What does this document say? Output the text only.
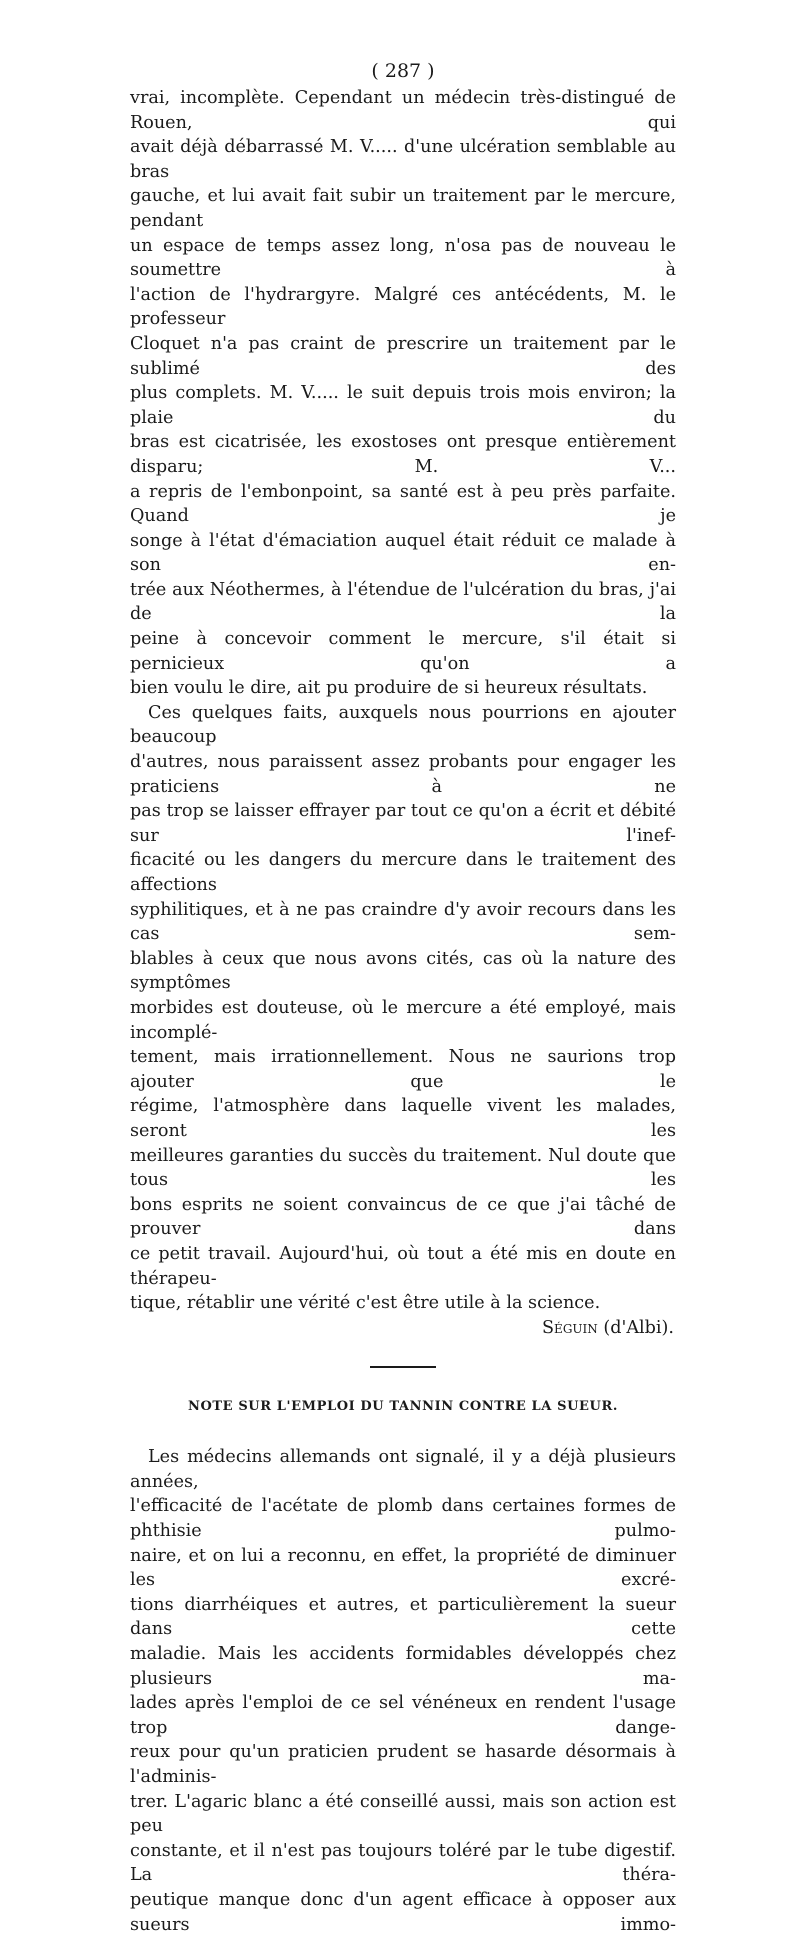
( 287 )
vrai, incomplète. Cependant un médecin très-distingué de Rouen, qui
avait déjà débarrassé M. V..... d'une ulcération semblable au bras
gauche, et lui avait fait subir un traitement par le mercure, pendant
un espace de temps assez long, n'osa pas de nouveau le soumettre à
l'action de l'hydrargyre. Malgré ces antécédents, M. le professeur
Cloquet n'a pas craint de prescrire un traitement par le sublimé des
plus complets. M. V..... le suit depuis trois mois environ; la plaie du
bras est cicatrisée, les exostoses ont presque entièrement disparu; M. V...
a repris de l'embonpoint, sa santé est à peu près parfaite. Quand je
songe à l'état d'émaciation auquel était réduit ce malade à son en-
trée aux Néothermes, à l'étendue de l'ulcération du bras, j'ai de la
peine à concevoir comment le mercure, s'il était si pernicieux qu'on a
bien voulu le dire, ait pu produire de si heureux résultats.
Ces quelques faits, auxquels nous pourrions en ajouter beaucoup
d'autres, nous paraissent assez probants pour engager les praticiens à ne
pas trop se laisser effrayer par tout ce qu'on a écrit et débité sur l'inef-
ficacité ou les dangers du mercure dans le traitement des affections
syphilitiques, et à ne pas craindre d'y avoir recours dans les cas sem-
blables à ceux que nous avons cités, cas où la nature des symptômes
morbides est douteuse, où le mercure a été employé, mais incomplé-
tement, mais irrationnellement. Nous ne saurions trop ajouter que le
régime, l'atmosphère dans laquelle vivent les malades, seront les
meilleures garanties du succès du traitement. Nul doute que tous les
bons esprits ne soient convaincus de ce que j'ai tâché de prouver dans
ce petit travail. Aujourd'hui, où tout a été mis en doute en thérapeu-
tique, rétablir une vérité c'est être utile à la science.
Séguin (d'Albi).
NOTE SUR L'EMPLOI DU TANNIN CONTRE LA SUEUR.
Les médecins allemands ont signalé, il y a déjà plusieurs années,
l'efficacité de l'acétate de plomb dans certaines formes de phthisie pulmo-
naire, et on lui a reconnu, en effet, la propriété de diminuer les excré-
tions diarrhéiques et autres, et particulièrement la sueur dans cette
maladie. Mais les accidents formidables développés chez plusieurs ma-
lades après l'emploi de ce sel vénéneux en rendent l'usage trop dange-
reux pour qu'un praticien prudent se hasarde désormais à l'adminis-
trer. L'agaric blanc a été conseillé aussi, mais son action est peu
constante, et il n'est pas toujours toléré par le tube digestif. La théra-
peutique manque donc d'un agent efficace à opposer aux sueurs immo-
